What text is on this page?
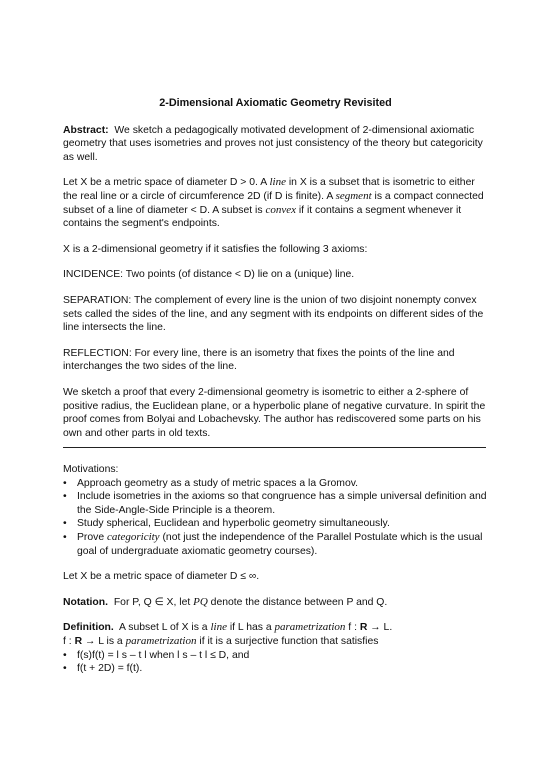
2-Dimensional Axiomatic Geometry Revisited

Abstract: We sketch a pedagogically motivated development of 2-dimensional axiomatic geometry that uses isometries and proves not just consistency of the theory but categoricity as well.

Let X be a metric space of diameter D > 0. A line in X is a subset that is isometric to either the real line or a circle of circumference 2D (if D is finite). A segment is a compact connected subset of a line of diameter < D. A subset is convex if it contains a segment whenever it contains the segment's endpoints.

X is a 2-dimensional geometry if it satisfies the following 3 axioms:

INCIDENCE: Two points (of distance < D) lie on a (unique) line.

SEPARATION: The complement of every line is the union of two disjoint nonempty convex sets called the sides of the line, and any segment with its endpoints on different sides of the line intersects the line.

REFLECTION: For every line, there is an isometry that fixes the points of the line and interchanges the two sides of the line.

We sketch a proof that every 2-dimensional geometry is isometric to either a 2-sphere of positive radius, the Euclidean plane, or a hyperbolic plane of negative curvature. In spirit the proof comes from Bolyai and Lobachevsky. The author has rediscovered some parts on his own and other parts in old texts.

Motivations:
• Approach geometry as a study of metric spaces a la Gromov.
• Include isometries in the axioms so that congruence has a simple universal definition and the Side-Angle-Side Principle is a theorem.
• Study spherical, Euclidean and hyperbolic geometry simultaneously.
• Prove categoricity (not just the independence of the Parallel Postulate which is the usual goal of undergraduate axiomatic geometry courses).

Let X be a metric space of diameter D ≤ ∞.

Notation. For P, Q ∈ X, let PQ denote the distance between P and Q.

Definition. A subset L of X is a line if L has a parametrization f : R → L.
f : R → L is a parametrization if it is a surjective function that satisfies
• f(s)f(t) = l s – t l when l s – t l ≤ D, and
• f(t + 2D) = f(t).
